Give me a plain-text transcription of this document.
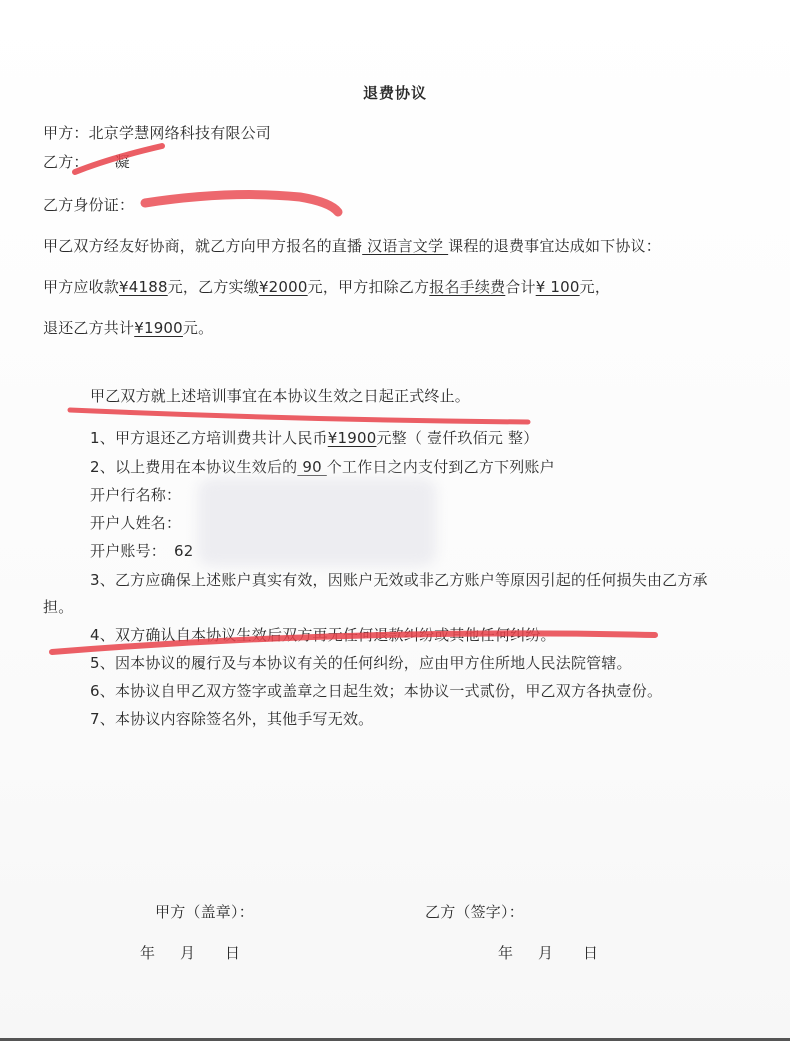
退费协议
甲方：北京学慧网络科技有限公司
乙方： 凝
乙方身份证：
甲乙双方经友好协商，就乙方向甲方报名的直播 汉语言文学 课程的退费事宜达成如下协议：
甲方应收款¥4188元，乙方实缴¥2000元，甲方扣除乙方报名手续费合计¥ 100元，
退还乙方共计¥1900元。
甲乙双方就上述培训事宜在本协议生效之日起正式终止。
1、甲方退还乙方培训费共计人民币¥1900元整（ 壹仟玖佰元 整）
2、以上费用在本协议生效后的 90 个工作日之内支付到乙方下列账户
开户行名称：
开户人姓名：
开户账号： 62
3、乙方应确保上述账户真实有效，因账户无效或非乙方账户等原因引起的任何损失由乙方承
担。
4、双方确认自本协议生效后双方再无任何退款纠纷或其他任何纠纷。
5、因本协议的履行及与本协议有关的任何纠纷，应由甲方住所地人民法院管辖。
6、本协议自甲乙双方签字或盖章之日起生效；本协议一式贰份，甲乙双方各执壹份。
7、本协议内容除签名外，其他手写无效。
甲方（盖章）：	乙方（签字）：
年     月      日	年     月      日
